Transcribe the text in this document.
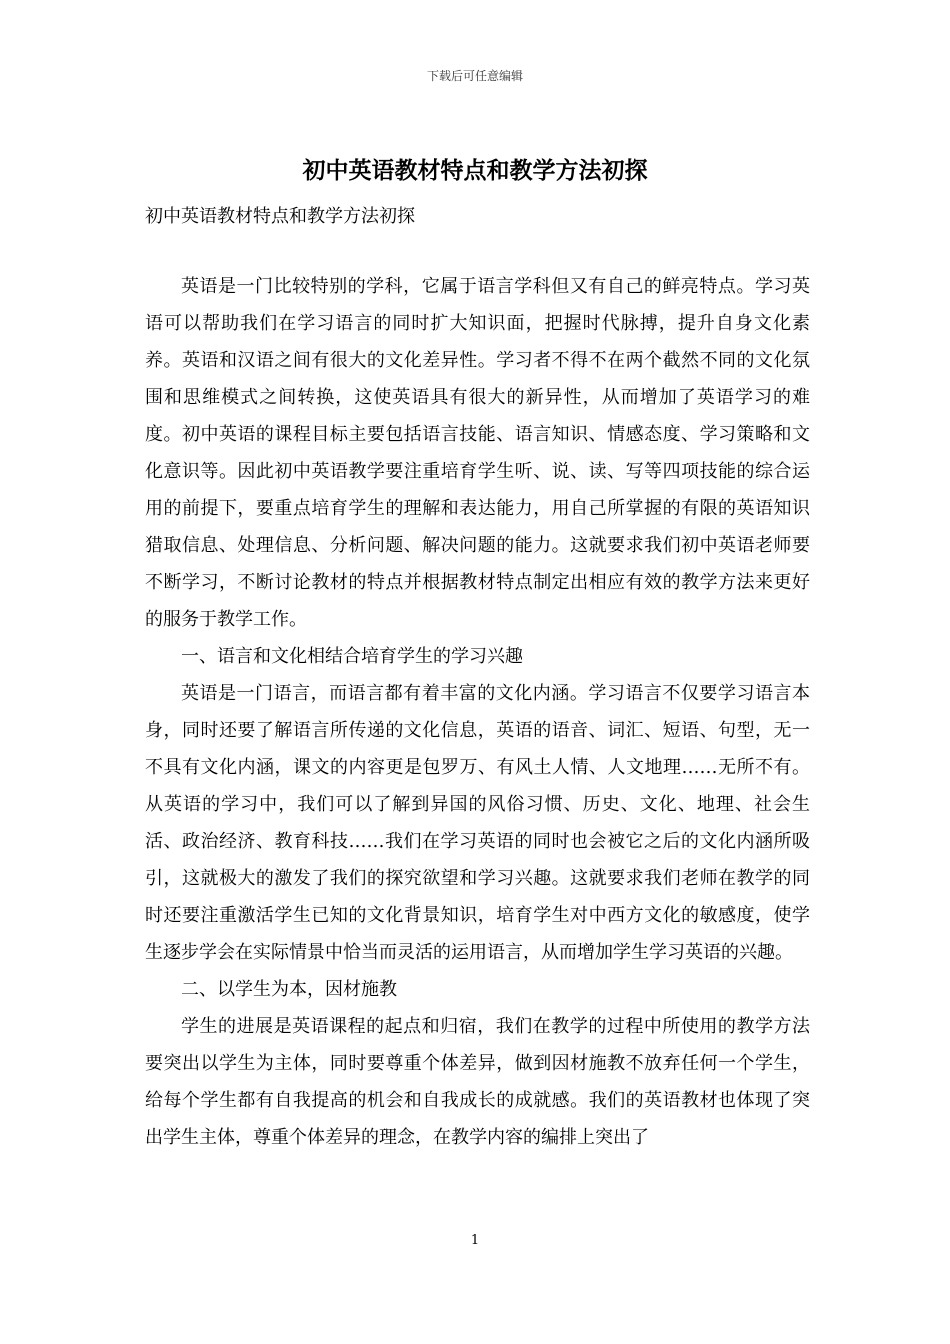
下载后可任意编辑
初中英语教材特点和教学方法初探
初中英语教材特点和教学方法初探

英语是一门比较特别的学科，它属于语言学科但又有自己的鲜亮特点。学习英语可以帮助我们在学习语言的同时扩大知识面，把握时代脉搏，提升自身文化素养。英语和汉语之间有很大的文化差异性。学习者不得不在两个截然不同的文化氛围和思维模式之间转换，这使英语具有很大的新异性，从而增加了英语学习的难度。初中英语的课程目标主要包括语言技能、语言知识、情感态度、学习策略和文化意识等。因此初中英语教学要注重培育学生听、说、读、写等四项技能的综合运用的前提下，要重点培育学生的理解和表达能力，用自己所掌握的有限的英语知识猎取信息、处理信息、分析问题、解决问题的能力。这就要求我们初中英语老师要不断学习，不断讨论教材的特点并根据教材特点制定出相应有效的教学方法来更好的服务于教学工作。

一、语言和文化相结合培育学生的学习兴趣

英语是一门语言，而语言都有着丰富的文化内涵。学习语言不仅要学习语言本身，同时还要了解语言所传递的文化信息，英语的语音、词汇、短语、句型，无一不具有文化内涵，课文的内容更是包罗万、有风土人情、人文地理……无所不有。从英语的学习中，我们可以了解到异国的风俗习惯、历史、文化、地理、社会生活、政治经济、教育科技……我们在学习英语的同时也会被它之后的文化内涵所吸引，这就极大的激发了我们的探究欲望和学习兴趣。这就要求我们老师在教学的同时还要注重激活学生已知的文化背景知识，培育学生对中西方文化的敏感度，使学生逐步学会在实际情景中恰当而灵活的运用语言，从而增加学生学习英语的兴趣。

二、以学生为本，因材施教

学生的进展是英语课程的起点和归宿，我们在教学的过程中所使用的教学方法要突出以学生为主体，同时要尊重个体差异，做到因材施教不放弃任何一个学生，给每个学生都有自我提高的机会和自我成长的成就感。我们的英语教材也体现了突出学生主体，尊重个体差异的理念，在教学内容的编排上突出了

1
